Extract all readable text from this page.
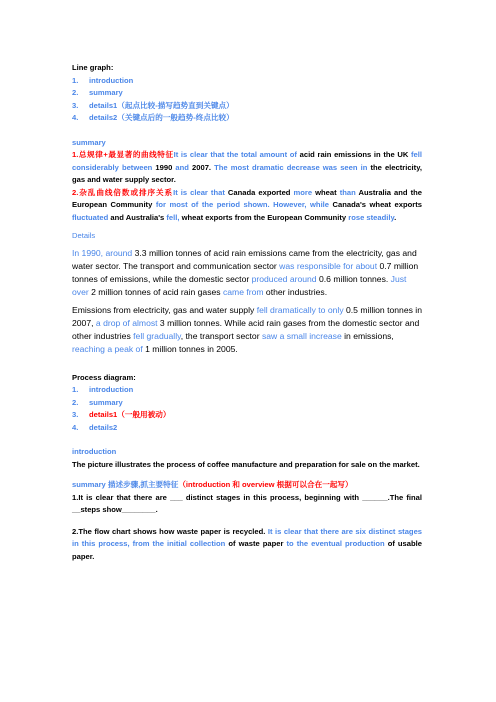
Line graph:
1. introduction
2. summary
3. details1（起点比较-描写趋势直到关键点）
4. details2（关键点后的一般趋势-终点比较）
summary
1.总规律+最显著的曲线特征It is clear that the total amount of acid rain emissions in the UK fell considerably between 1990 and 2007. The most dramatic decrease was seen in the electricity, gas and water supply sector.
2.杂乱曲线倍数或排序关系It is clear that Canada exported more wheat than Australia and the European Community for most of the period shown. However, while Canada's wheat exports fluctuated and Australia's fell, wheat exports from the European Community rose steadily.
Details
In 1990, around 3.3 million tonnes of acid rain emissions came from the electricity, gas and water sector. The transport and communication sector was responsible for about 0.7 million tonnes of emissions, while the domestic sector produced around 0.6 million tonnes. Just over 2 million tonnes of acid rain gases came from other industries.
Emissions from electricity, gas and water supply fell dramatically to only 0.5 million tonnes in 2007, a drop of almost 3 million tonnes. While acid rain gases from the domestic sector and other industries fell gradually, the transport sector saw a small increase in emissions, reaching a peak of 1 million tonnes in 2005.
Process diagram:
1. introduction
2. summary
3. details1（一般用被动）
4. details2
introduction
The picture illustrates the process of coffee manufacture and preparation for sale on the market.
summary 描述步骤,抓主要特征（introduction 和 overview 根据可以合在一起写）
1.It is clear that there are ___ distinct stages in this process, beginning with ______.The final __steps show________.
2.The flow chart shows how waste paper is recycled. It is clear that there are six distinct stages in this process, from the initial collection of waste paper to the eventual production of usable paper.
